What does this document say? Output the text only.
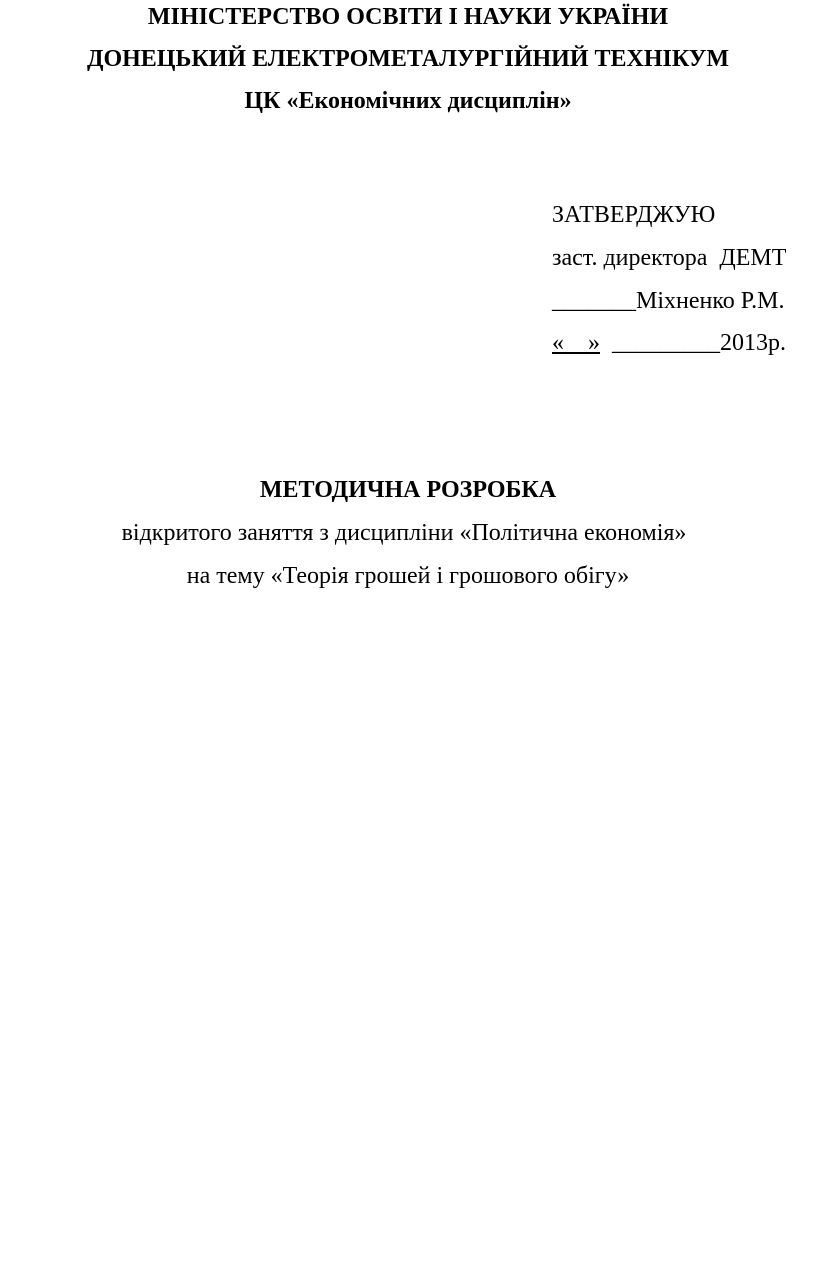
МІНІСТЕРСТВО ОСВІТИ І НАУКИ УКРАЇНИ
ДОНЕЦЬКИЙ ЕЛЕКТРОМЕТАЛУРГІЙНИЙ ТЕХНІКУМ
ЦК «Економічних дисциплін»
ЗАТВЕРДЖУЮ
заст. директора  ДЕМТ
_______Міхненко Р.М.
« » _________2013р.
МЕТОДИЧНА РОЗРОБКА
відкритого заняття з дисципліни «Політична економія»
на тему «Теорія грошей і грошового обігу»
